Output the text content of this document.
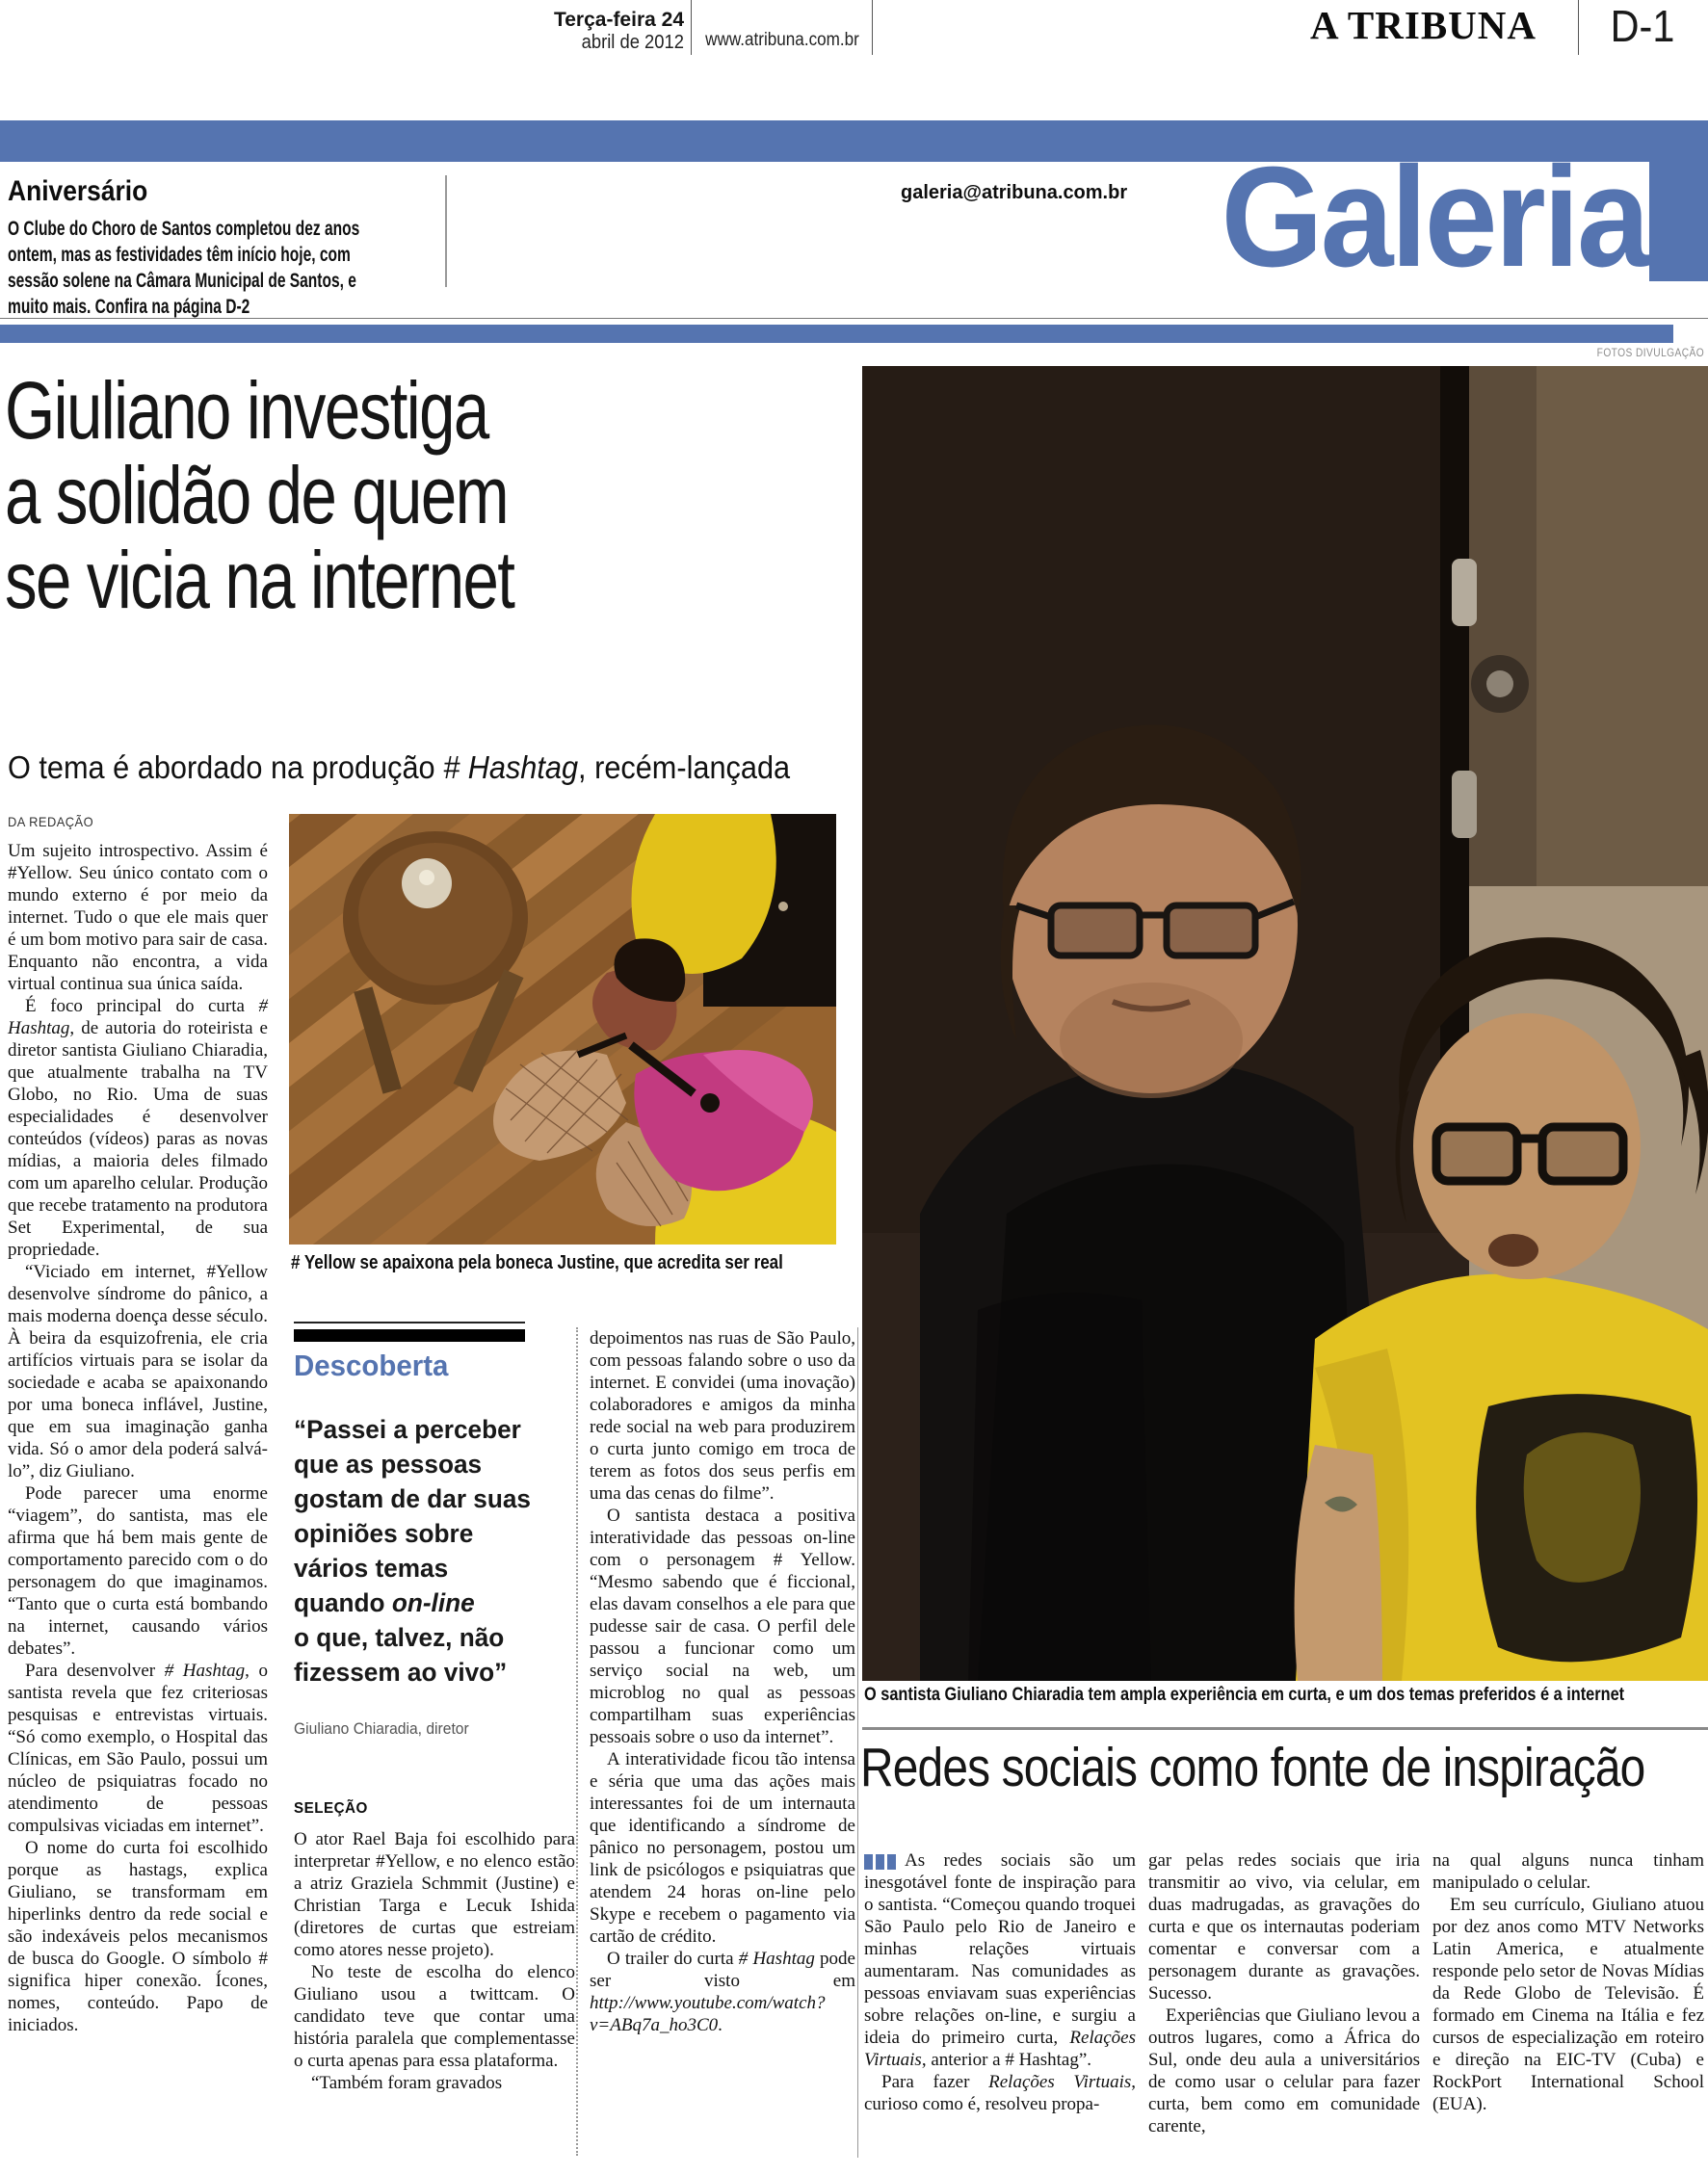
Terça-feira 24
abril de 2012 www.atribuna.com.br	A TRIBUNA	D-1
Aniversário
O Clube do Choro de Santos completou dez anos ontem, mas as festividades têm início hoje, com sessão solene na Câmara Municipal de Santos, e muito mais. Confira na página D-2
galeria@atribuna.com.br Galeria
FOTOS DIVULGAÇÃO
Giuliano investiga
a solidão de quem
se vicia na internet
O tema é abordado na produção # Hashtag, recém-lançada
DA REDAÇÃO

Um sujeito introspectivo. Assim é #Yellow. Seu único contato com o mundo externo é por meio da internet. Tudo o que ele mais quer é um bom motivo para sair de casa. Enquanto não encontra, a vida virtual continua sua única saída.

É foco principal do curta # Hashtag, de autoria do roteirista e diretor santista Giuliano Chiaradia, que atualmente trabalha na TV Globo, no Rio. Uma de suas especialidades é desenvolver conteúdos (vídeos) paras as novas mídias, a maioria deles filmado com um aparelho celular. Produção que recebe tratamento na produtora Set Experimental, de sua propriedade.

“Viciado em internet, #Yellow desenvolve síndrome do pânico, a mais moderna doença desse século. À beira da esquizofrenia, ele cria artifícios virtuais para se isolar da sociedade e acaba se apaixonando por uma boneca inflável, Justine, que em sua imaginação ganha vida. Só o amor dela poderá salvá-lo”, diz Giuliano.

Pode parecer uma enorme “viagem”, do santista, mas ele afirma que há bem mais gente de comportamento parecido com o do personagem do que imaginamos. “Tanto que o curta está bombando na internet, causando vários debates”.

Para desenvolver # Hashtag, o santista revela que fez criteriosas pesquisas e entrevistas virtuais. “Só como exemplo, o Hospital das Clínicas, em São Paulo, possui um núcleo de psiquiatras focado no atendimento de pessoas compulsivas viciadas em internet”.

O nome do curta foi escolhido porque as hastags, explica Giuliano, se transformam em hiperlinks dentro da rede social e são indexáveis pelos mecanismos de busca do Google. O símbolo # significa hiper conexão. Ícones, nomes, conteúdo. Papo de iniciados.

# Yellow se apaixona pela boneca Justine, que acredita ser real
Descoberta
“Passei a perceber
que as pessoas
gostam de dar suas
opiniões sobre
vários temas
quando on-line
o que, talvez, não
fizessem ao vivo”
Giuliano Chiaradia, diretor
SELEÇÃO

O ator Rael Baja foi escolhido para interpretar #Yellow, e no elenco estão a atriz Graziela Schmmit (Justine) e Christian Targa e Lecuk Ishida (diretores de curtas que estreiam como atores nesse projeto).

No teste de escolha do elenco Giuliano usou a twittcam. O candidato teve que contar uma história paralela que complementasse o curta apenas para essa plataforma.

“Também foram gravados

depoimentos nas ruas de São Paulo, com pessoas falando sobre o uso da internet. E convidei (uma inovação) colaboradores e amigos da minha rede social na web para produzirem o curta junto comigo em troca de terem as fotos dos seus perfis em uma das cenas do filme”.

O santista destaca a positiva interatividade das pessoas on-line com o personagem # Yellow. “Mesmo sabendo que é ficcional, elas davam conselhos a ele para que pudesse sair de casa. O perfil dele passou a funcionar como um serviço social na web, um microblog no qual as pessoas compartilham suas experiências pessoais sobre o uso da internet”.

A interatividade ficou tão intensa e séria que uma das ações mais interessantes foi de um internauta que identificando a síndrome de pânico no personagem, postou um link de psicólogos e psiquiatras que atendem 24 horas on-line pelo Skype e recebem o pagamento via cartão de crédito.

O trailer do curta # Hashtag pode ser visto em http://www.youtube.com/watch?v=ABq7a_ho3C0.

O santista Giuliano Chiaradia tem ampla experiência em curta, e um dos temas preferidos é a internet
Redes sociais como fonte de inspiração

As redes sociais são um inesgotável fonte de inspiração para o santista. “Começou quando troquei São Paulo pelo Rio de Janeiro e minhas relações virtuais aumentaram. Nas comunidades as pessoas enviavam suas experiências sobre relações on-line, e surgiu a ideia do primeiro curta, Relações Virtuais, anterior a # Hashtag”.

Para fazer Relações Virtuais, curioso como é, resolveu propa-

gar pelas redes sociais que iria transmitir ao vivo, via celular, em duas madrugadas, as gravações do curta e que os internautas poderiam comentar e conversar com a personagem durante as gravações. Sucesso.

Experiências que Giuliano levou a outros lugares, como a África do Sul, onde deu aula a universitários de como usar o celular para fazer curta, bem como em comunidade carente,

na qual alguns nunca tinham manipulado o celular.

Em seu currículo, Giuliano atuou por dez anos como MTV Networks Latin America, e atualmente responde pelo setor de Novas Mídias da Rede Globo de Televisão. É formado em Cinema na Itália e fez cursos de especialização em roteiro e direção na EIC-TV (Cuba) e RockPort International School (EUA).
